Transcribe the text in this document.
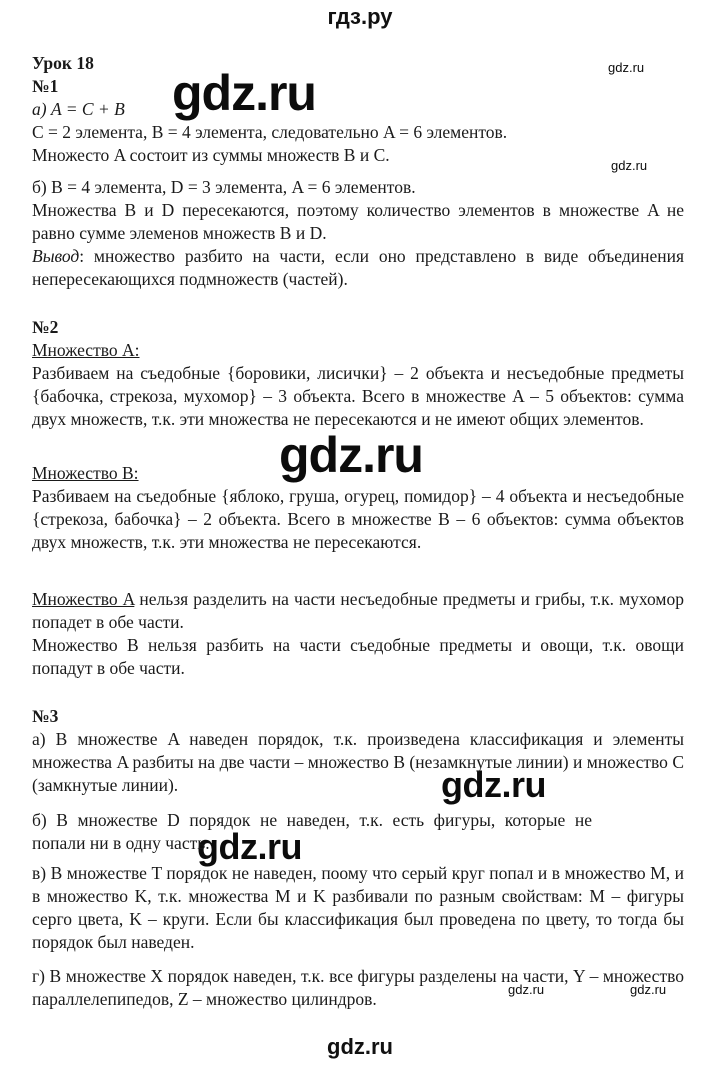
гдз.ру
gdz.ru	gdz.ru
gdz.ru
gdz.ru
gdz.ru
gdz.ru
gdz.ru	gdz.ru

Урок 18

№1

а) A = C + B

C = 2 элемента, B = 4 элемента, следовательно A = 6 элементов.

Множесто A состоит из суммы множеств B и C.

б) B = 4 элемента, D = 3 элемента, A = 6 элементов.

Множества B и D пересекаются, поэтому количество элементов в множестве A не равно сумме элеменов множеств B и D.

Вывод: множество разбито на части, если оно представлено в виде объединения непересекающихся подмножеств (частей).

№2

Множество A:

Разбиваем на съедобные {боровики, лисички} – 2 объекта и несъедобные предметы {бабочка, стрекоза, мухомор} – 3 объекта. Всего в множестве A – 5 объектов: сумма двух множеств, т.к. эти множества не пересекаются и не имеют общих элементов.

Множество B:

Разбиваем на съедобные {яблоко, груша, огурец, помидор} – 4 объекта и несъедобные {стрекоза, бабочка} – 2 объекта. Всего в множестве B – 6 объектов: сумма объектов двух множеств, т.к. эти множества не пересекаются.

Множество A нельзя разделить на части несъедобные предметы и грибы, т.к. мухомор попадет в обе части.

Множество B нельзя разбить на части съедобные предметы и овощи, т.к. овощи попадут в обе части.

№3

а) В множестве A наведен порядок, т.к. произведена классификация и элементы множества A разбиты на две части – множество B (незамкнутые линии) и множество C (замкнутые линии).

б) В множестве D порядок не наведен, т.к. есть фигуры, которые не попали ни в одну часть.

в) В множестве T порядок не наведен, поому что серый круг попал и в множество M, и в множество K, т.к. множества M и K разбивали по разным свойствам: M – фигуры серго цвета, K – круги. Если бы классификация был проведена по цвету, то тогда бы порядок был наведен.

г) В множестве X порядок наведен, т.к. все фигуры разделены на части, Y – множество параллелепипедов, Z – множество цилиндров.

gdz.ru
